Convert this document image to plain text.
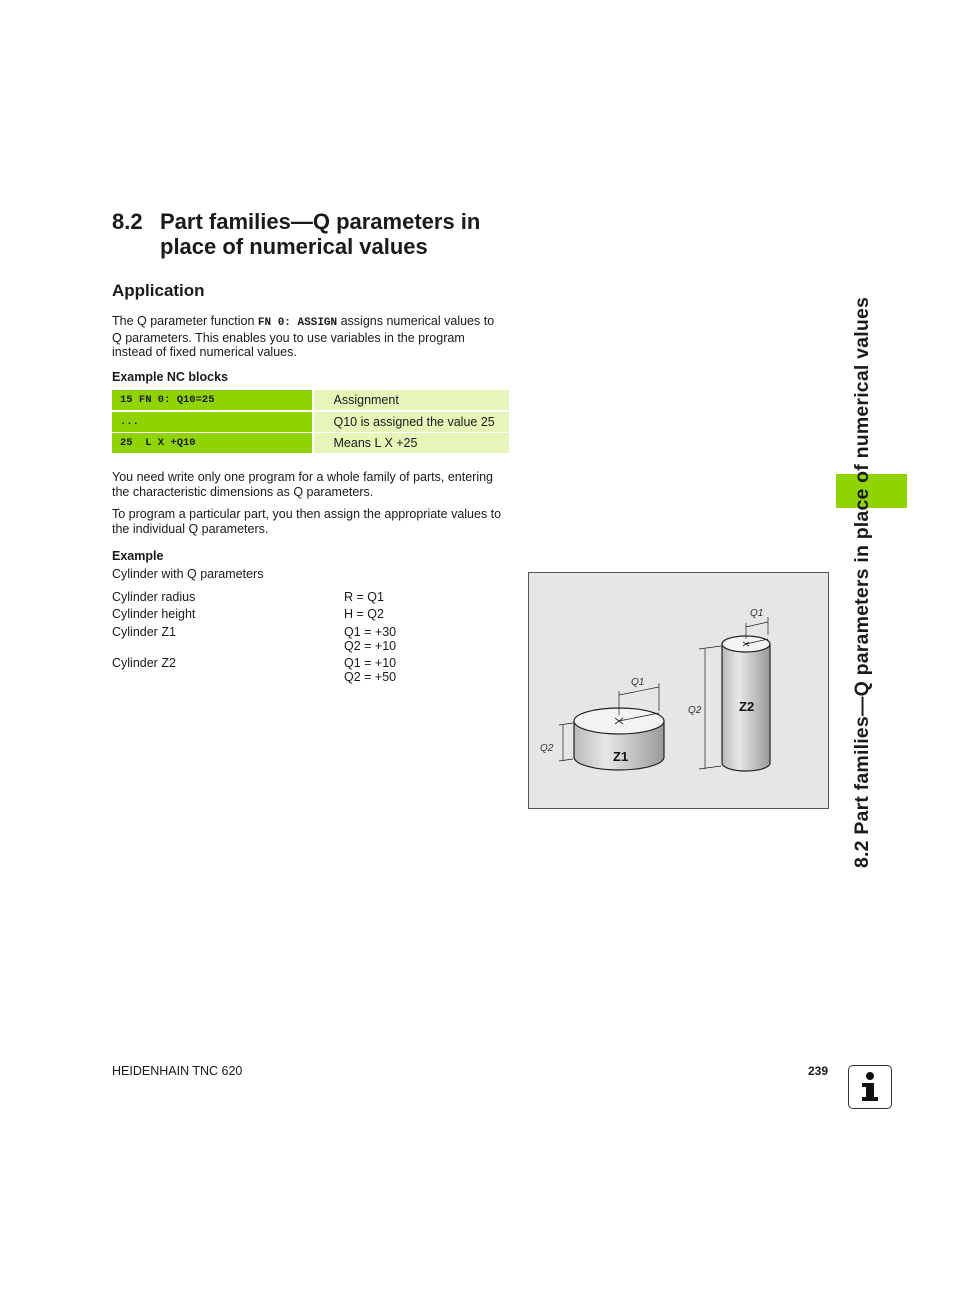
8.2 Part families—Q parameters in
place of numerical values
Application
The Q parameter function FN 0: ASSIGN assigns numerical values to
Q parameters. This enables you to use variables in the program
instead of fixed numerical values.
Example NC blocks
15 FN 0: Q10=25	Assignment
...	Q10 is assigned the value 25
25  L X +Q10	Means L X +25
You need write only one program for a whole family of parts, entering
the characteristic dimensions as Q parameters.
To program a particular part, you then assign the appropriate values to
the individual Q parameters.
Example
Cylinder with Q parameters
Cylinder radius	R = Q1
Cylinder height	H = Q2
Cylinder Z1	Q1 = +30
Q2 = +10
Cylinder Z2	Q1 = +10
Q2 = +50
Z1
Z2
Q1
Q2
Q1
Q2	8.2 Part families—Q parameters in place of numerical values
HEIDENHAIN TNC 620	239
